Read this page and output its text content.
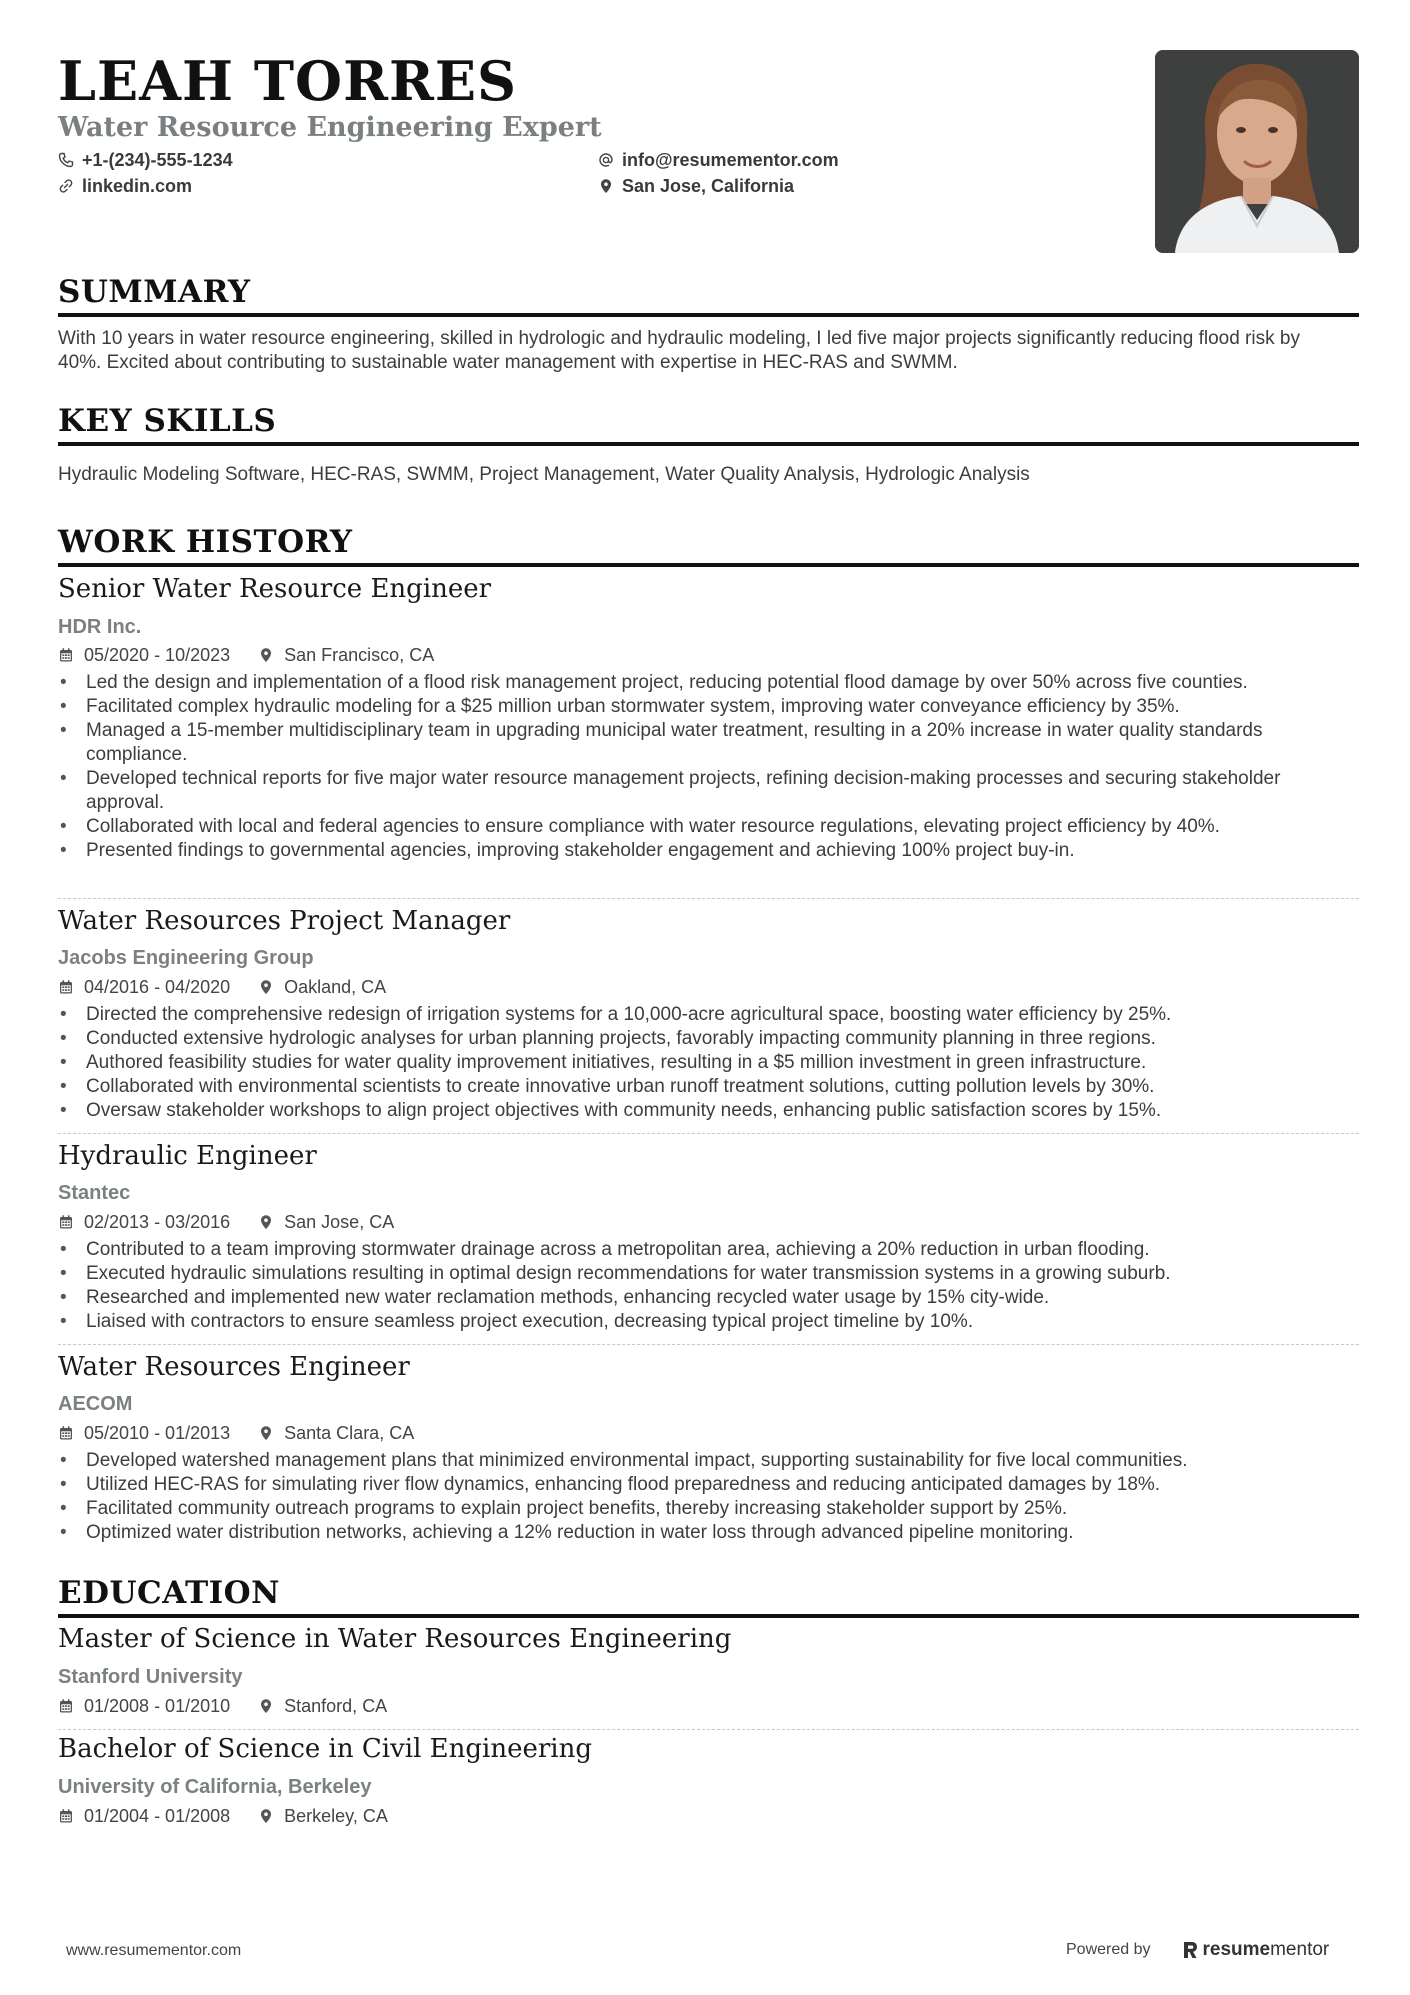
LEAH TORRES
Water Resource Engineering Expert
+1-(234)-555-1234	info@resumementor.com
linkedin.com	San Jose, California
SUMMARY
With 10 years in water resource engineering, skilled in hydrologic and hydraulic modeling, I led five major projects significantly reducing flood risk by 40%. Excited about contributing to sustainable water management with expertise in HEC-RAS and SWMM.
KEY SKILLS
Hydraulic Modeling Software, HEC-RAS, SWMM, Project Management, Water Quality Analysis, Hydrologic Analysis
WORK HISTORY
Senior Water Resource Engineer
HDR Inc.
05/2020 - 10/2023	San Francisco, CA
• Led the design and implementation of a flood risk management project, reducing potential flood damage by over 50% across five counties.
• Facilitated complex hydraulic modeling for a $25 million urban stormwater system, improving water conveyance efficiency by 35%.
• Managed a 15-member multidisciplinary team in upgrading municipal water treatment, resulting in a 20% increase in water quality standards compliance.
• Developed technical reports for five major water resource management projects, refining decision-making processes and securing stakeholder approval.
• Collaborated with local and federal agencies to ensure compliance with water resource regulations, elevating project efficiency by 40%.
• Presented findings to governmental agencies, improving stakeholder engagement and achieving 100% project buy-in.
Water Resources Project Manager
Jacobs Engineering Group
04/2016 - 04/2020	Oakland, CA
• Directed the comprehensive redesign of irrigation systems for a 10,000-acre agricultural space, boosting water efficiency by 25%.
• Conducted extensive hydrologic analyses for urban planning projects, favorably impacting community planning in three regions.
• Authored feasibility studies for water quality improvement initiatives, resulting in a $5 million investment in green infrastructure.
• Collaborated with environmental scientists to create innovative urban runoff treatment solutions, cutting pollution levels by 30%.
• Oversaw stakeholder workshops to align project objectives with community needs, enhancing public satisfaction scores by 15%.
Hydraulic Engineer
Stantec
02/2013 - 03/2016	San Jose, CA
• Contributed to a team improving stormwater drainage across a metropolitan area, achieving a 20% reduction in urban flooding.
• Executed hydraulic simulations resulting in optimal design recommendations for water transmission systems in a growing suburb.
• Researched and implemented new water reclamation methods, enhancing recycled water usage by 15% city-wide.
• Liaised with contractors to ensure seamless project execution, decreasing typical project timeline by 10%.
Water Resources Engineer
AECOM
05/2010 - 01/2013	Santa Clara, CA
• Developed watershed management plans that minimized environmental impact, supporting sustainability for five local communities.
• Utilized HEC-RAS for simulating river flow dynamics, enhancing flood preparedness and reducing anticipated damages by 18%.
• Facilitated community outreach programs to explain project benefits, thereby increasing stakeholder support by 25%.
• Optimized water distribution networks, achieving a 12% reduction in water loss through advanced pipeline monitoring.
EDUCATION
Master of Science in Water Resources Engineering
Stanford University
01/2008 - 01/2010	Stanford, CA
Bachelor of Science in Civil Engineering
University of California, Berkeley
01/2004 - 01/2008	Berkeley, CA
www.resumementor.com	Powered by	resume mentor
